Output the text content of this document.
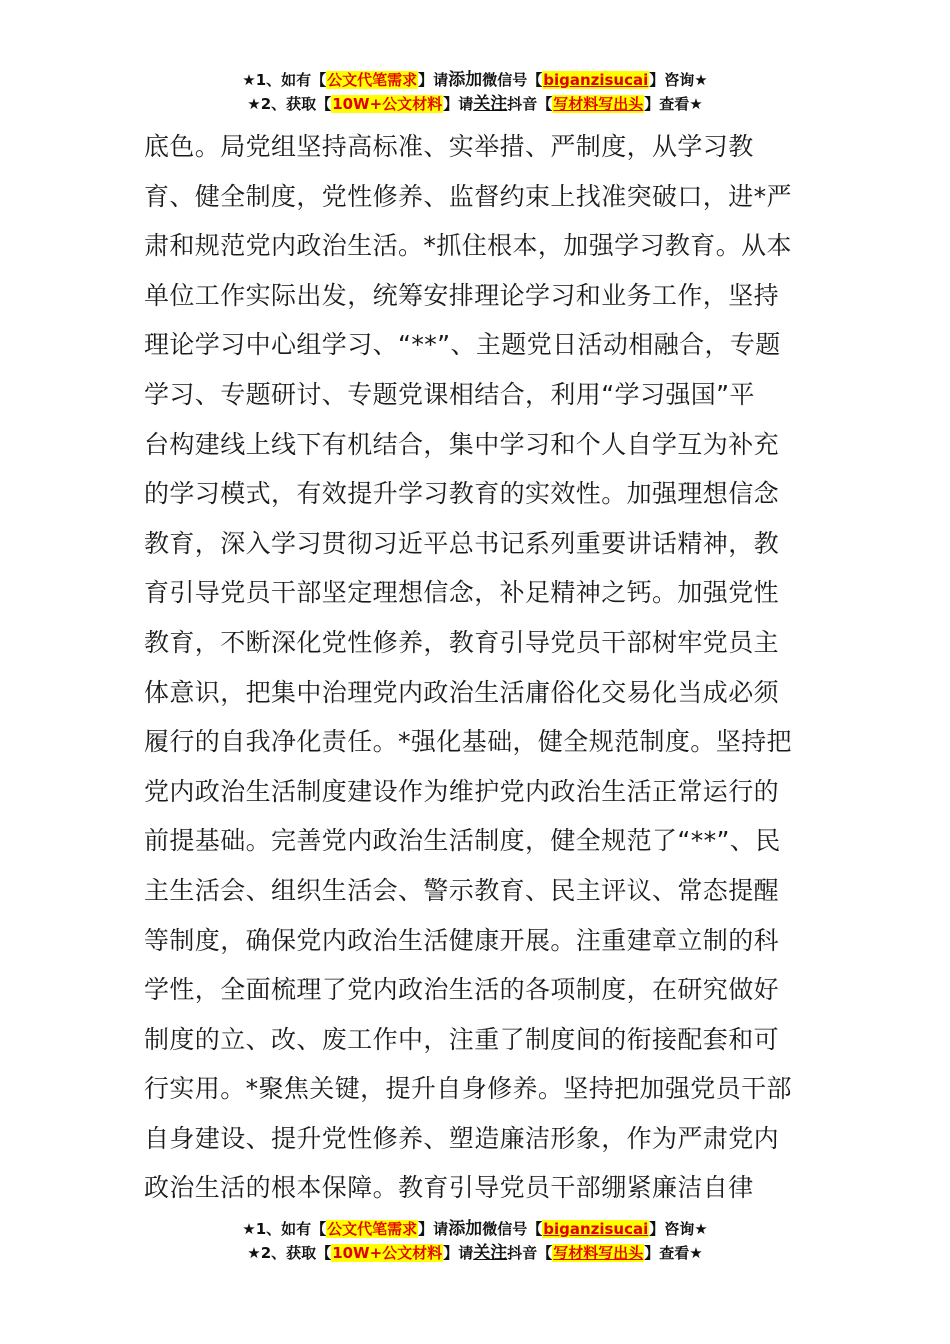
★1、如有【公文代笔需求】请添加微信号【biganzisucai】咨询★
★2、获取【10W+公文材料】请关注抖音【写材料写出头】查看★
底色。局党组坚持高标准、实举措、严制度，从学习教
育、健全制度，党性修养、监督约束上找准突破口，进*严
肃和规范党内政治生活。*抓住根本，加强学习教育。从本
单位工作实际出发，统筹安排理论学习和业务工作，坚持
理论学习中心组学习、“**”、主题党日活动相融合，专题
学习、专题研讨、专题党课相结合，利用“学习强国”平
台构建线上线下有机结合，集中学习和个人自学互为补充
的学习模式，有效提升学习教育的实效性。加强理想信念
教育，深入学习贯彻习近平总书记系列重要讲话精神，教
育引导党员干部坚定理想信念，补足精神之钙。加强党性
教育，不断深化党性修养，教育引导党员干部树牢党员主
体意识，把集中治理党内政治生活庸俗化交易化当成必须
履行的自我净化责任。*强化基础，健全规范制度。坚持把
党内政治生活制度建设作为维护党内政治生活正常运行的
前提基础。完善党内政治生活制度，健全规范了“**”、民
主生活会、组织生活会、警示教育、民主评议、常态提醒
等制度，确保党内政治生活健康开展。注重建章立制的科
学性，全面梳理了党内政治生活的各项制度，在研究做好
制度的立、改、废工作中，注重了制度间的衔接配套和可
行实用。*聚焦关键，提升自身修养。坚持把加强党员干部
自身建设、提升党性修养、塑造廉洁形象，作为严肃党内
政治生活的根本保障。教育引导党员干部绷紧廉洁自律
★1、如有【公文代笔需求】请添加微信号【biganzisucai】咨询★
★2、获取【10W+公文材料】请关注抖音【写材料写出头】查看★
